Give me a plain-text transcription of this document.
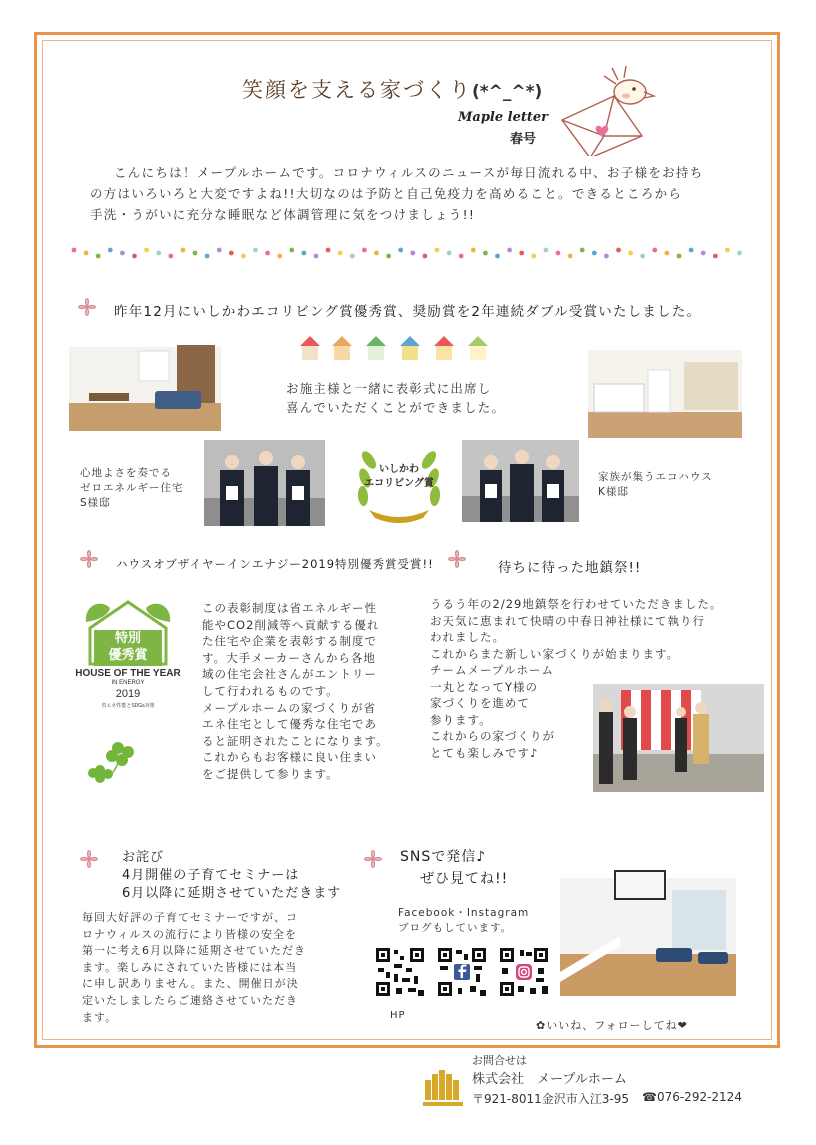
笑顔を支える家づくり(*^_^*)
Maple letter
春号

こんにちは！メープルホームです。コロナウィルスのニュースが毎日流れる中、お子様をお持ち

の方はいろいろと大変ですよね!!大切なのは予防と自己免疫力を高めること。できるところから

手洗・うがいに充分な睡眠など体調管理に気をつけましょう!!

昨年12月にいしかわエコリビング賞優秀賞、奨励賞を2年連続ダブル受賞いたしました。
お施主様と一緒に表彰式に出席し
喜んでいただくことができました。
心地よさを奏でる
ゼロエネルギー住宅
S様邸
いしかわ
エコリビング賞
家族が集うエコハウス
K様邸
ハウスオブザイヤーインエナジー2019特別優秀賞受賞!!
特別
優秀賞
HOUSE OF THE YEAR
IN ENERGY
2019
省エネ性能とSDGs対策
この表彰制度は省エネルギー性
能やCO2削減等へ貢献する優れ
た住宅や企業を表彰する制度で
す。大手メーカーさんから各地
域の住宅会社さんがエントリー
して行われるものです。
メープルホームの家づくりが省
エネ住宅として優秀な住宅であ
ると証明されたことになります。
これからもお客様に良い住まい
をご提供して参ります。
待ちに待った地鎮祭!!
うるう年の2/29地鎮祭を行わせていただきました。
お天気に恵まれて快晴の中春日神社様にて執り行
われました。
これからまた新しい家づくりが始まります。
チームメープルホーム
一丸となってY様の
家づくりを進めて
参ります。
これからの家づくりが
とても楽しみです♪
お詫び
4月開催の子育てセミナーは
6月以降に延期させていただきます
毎回大好評の子育てセミナーですが、コ
ロナウィルスの流行により皆様の安全を
第一に考え6月以降に延期させていただき
ます。楽しみにされていた皆様には本当
に申し訳ありません。また、開催日が決
定いたしましたらご連絡させていただき
ます。
SNSで発信♪
ぜひ見てね!!
Facebook・Instagram
ブログもしています。
HP
✿いいね、フォローしてね❤
お問合せは
株式会社　メープルホーム
〒921-8011金沢市入江3-95 ☎076-292-2124
